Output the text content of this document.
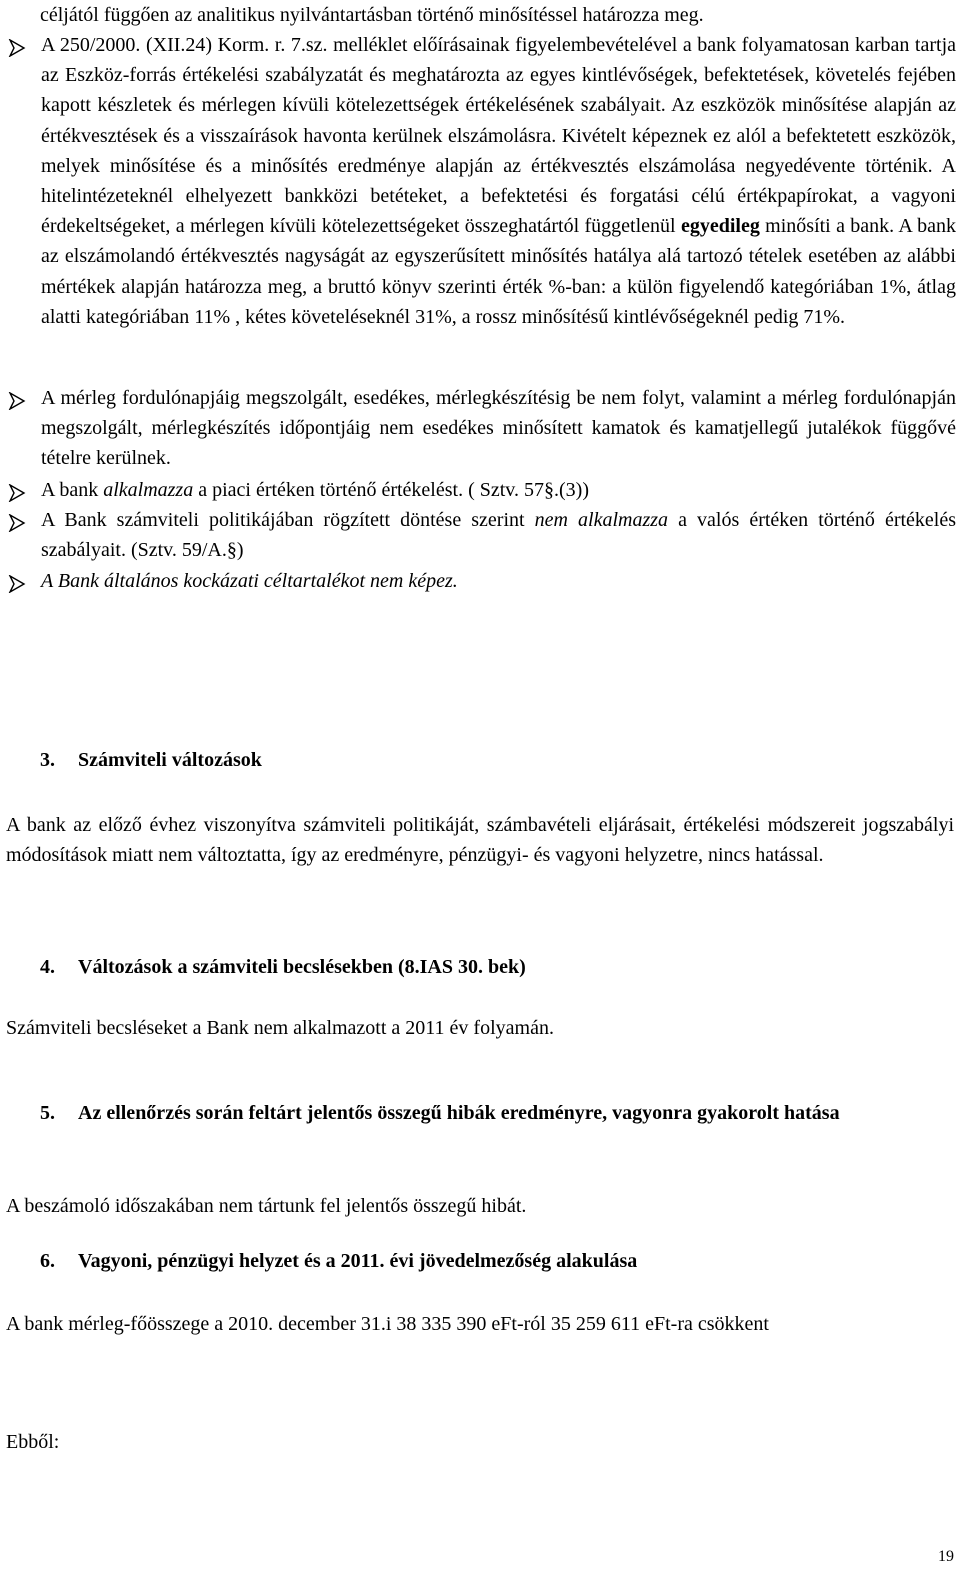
céljától függően az analitikus nyilvántartásban történő minősítéssel határozza meg.
A 250/2000. (XII.24) Korm. r. 7.sz. melléklet előírásainak figyelembevételével a bank folyamatosan karban tartja az Eszköz-forrás értékelési szabályzatát és meghatározta az egyes kintlévőségek, befektetések, követelés fejében kapott készletek és mérlegen kívüli kötelezettségek értékelésének szabályait. Az eszközök minősítése alapján az értékvesztések és a visszaírások havonta kerülnek elszámolásra. Kivételt képeznek ez alól a befektetett eszközök, melyek minősítése és a minősítés eredménye alapján az értékvesztés elszámolása negyedévente történik. A hitelintézeteknél elhelyezett bankközi betéteket, a befektetési és forgatási célú értékpapírokat, a vagyoni érdekeltségeket, a mérlegen kívüli kötelezettségeket összeghatártól függetlenül egyedileg minősíti a bank. A bank az elszámolandó értékvesztés nagyságát az egyszerűsített minősítés hatálya alá tartozó tételek esetében az alábbi mértékek alapján határozza meg, a bruttó könyv szerinti érték %-ban: a külön figyelendő kategóriában 1%, átlag alatti kategóriában 11% , kétes követeléseknél 31%, a rossz minősítésű kintlévőségeknél pedig 71%.
A mérleg fordulónapjáig megszolgált, esedékes, mérlegkészítésig be nem folyt, valamint a mérleg fordulónapján megszolgált, mérlegkészítés időpontjáig nem esedékes minősített kamatok és kamatjellegű jutalékok függővé tételre kerülnek.
A bank alkalmazza a piaci értéken történő értékelést. ( Sztv. 57§.(3))
A Bank számviteli politikájában rögzített döntése szerint nem alkalmazza a valós értéken történő értékelés szabályait. (Sztv. 59/A.§)
A Bank általános kockázati céltartalékot nem képez.
3. Számviteli változások

A bank az előző évhez viszonyítva számviteli politikáját, számbavételi eljárásait, értékelési módszereit jogszabályi módosítások miatt nem változtatta, így az eredményre, pénzügyi- és vagyoni helyzetre, nincs hatással.

4. Változások a számviteli becslésekben (8.IAS 30. bek)

Számviteli becsléseket a Bank nem alkalmazott a 2011 év folyamán.

5. Az ellenőrzés során feltárt jelentős összegű hibák eredményre, vagyonra gyakorolt hatása

A beszámoló időszakában nem tártunk fel jelentős összegű hibát.

6. Vagyoni, pénzügyi helyzet és a 2011. évi jövedelmezőség alakulása

A bank mérleg-főösszege a 2010. december 31.i 38 335 390 eFt-ról 35 259 611 eFt-ra csökkent

Ebből:
19
